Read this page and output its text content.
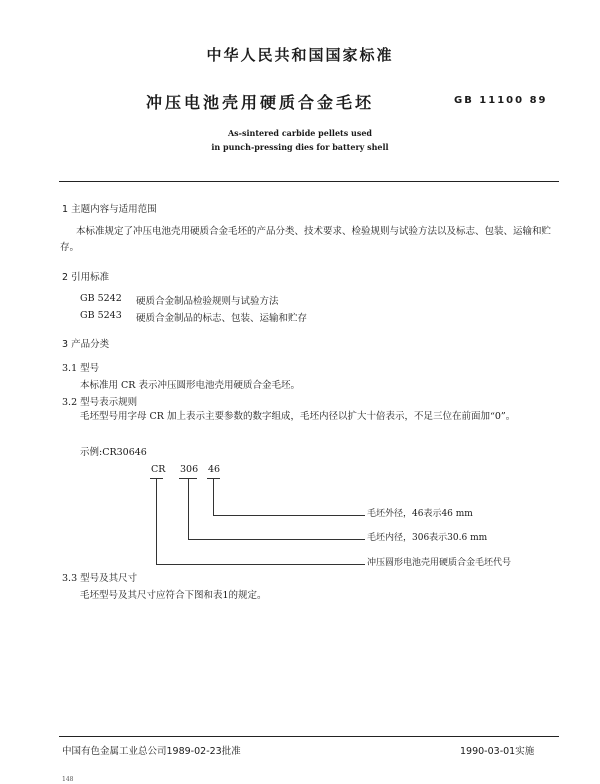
中华人民共和国国家标准
冲压电池壳用硬质合金毛坯	GB 11100 89
As-sintered carbide pellets used
in punch-pressing dies for battery shell
1 主题内容与适用范围
本标准规定了冲压电池壳用硬质合金毛坯的产品分类、技术要求、检验规则与试验方法以及标志、包装、运输和贮存。
2 引用标准
GB 5242 硬质合金制品检验规则与试验方法
GB 5243 硬质合金制品的标志、包装、运输和贮存
3 产品分类
3.1 型号
本标准用 CR 表示冲压圆形电池壳用硬质合金毛坯。
3.2 型号表示规则
毛坯型号用字母 CR 加上表示主要参数的数字组成，毛坯内径以扩大十倍表示，不足三位在前面加“0”。
示例:CR30646
CR 306 46
毛坯外径，46表示46 mm
毛坯内径，306表示30.6 mm
冲压圆形电池壳用硬质合金毛坯代号
3.3 型号及其尺寸
毛坯型号及其尺寸应符合下图和表1的规定。
中国有色金属工业总公司1989-02-23批准	1990-03-01实施
148
